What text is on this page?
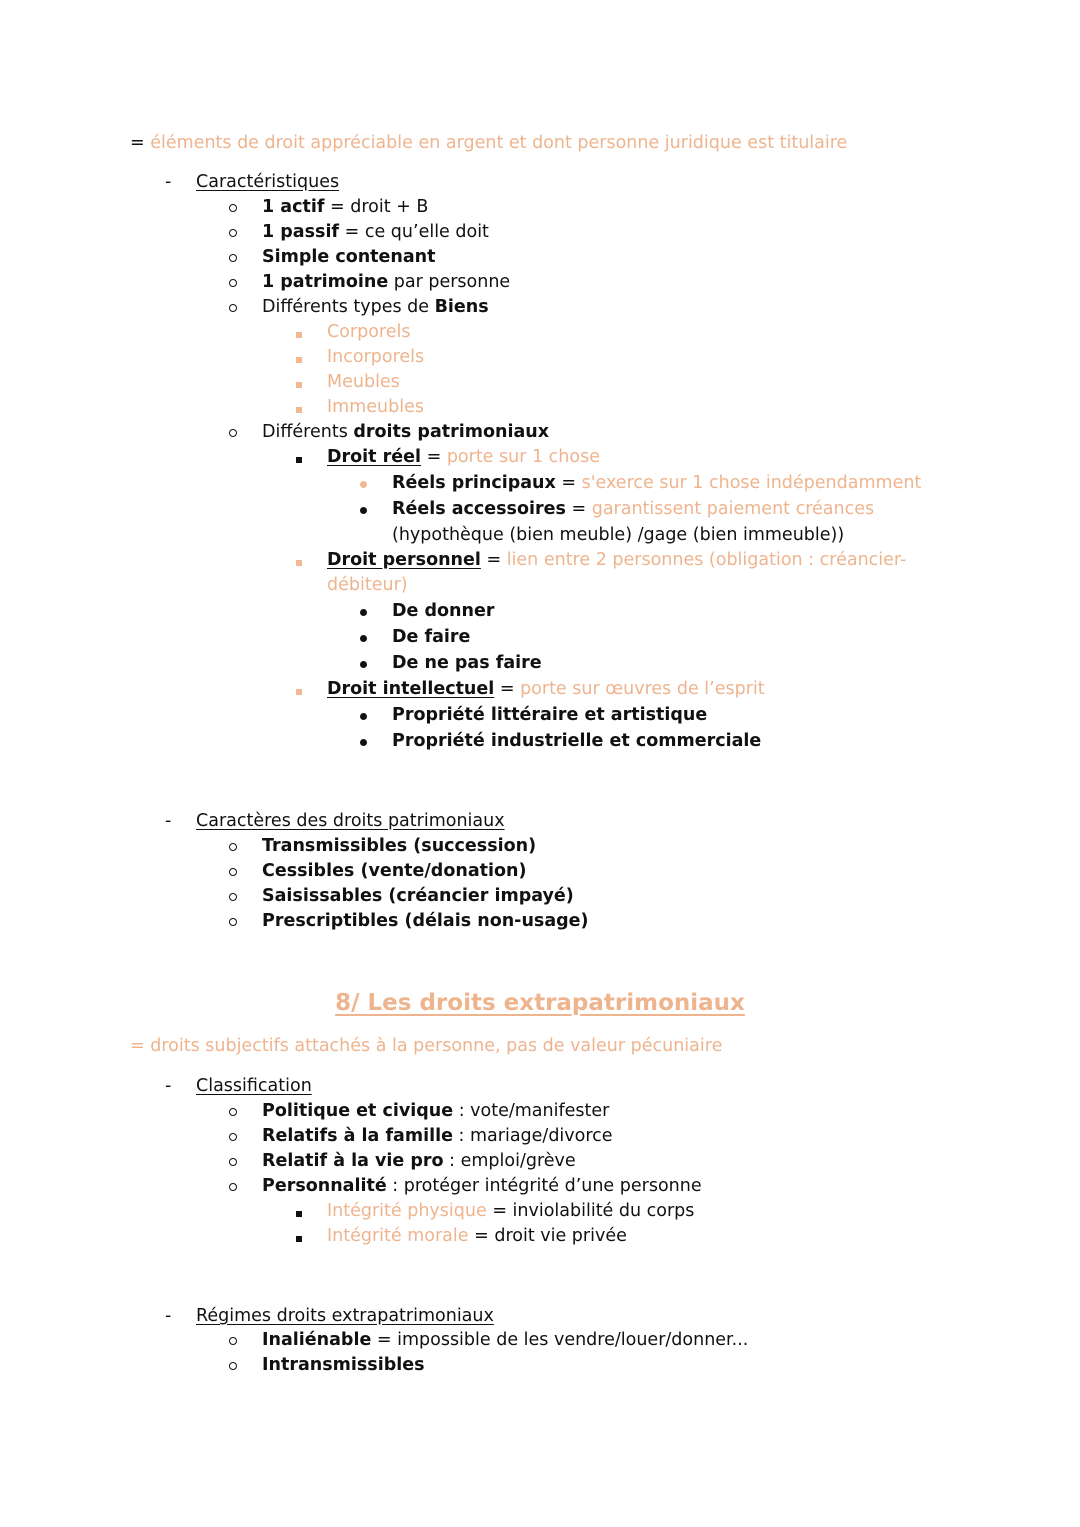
8/ Les droits extrapatrimoniaux
= éléments de droit appréciable en argent et dont personne juridique est titulaire
- Caractéristiques
1 actif = droit + B
1 passif = ce qu’elle doit
Simple contenant
1 patrimoine par personne
Différents types de Biens
Corporels
Incorporels
Meubles
Immeubles
Différents droits patrimoniaux
Droit réel = porte sur 1 chose
Réels principaux = s'exerce sur 1 chose indépendamment
Réels accessoires = garantissent paiement créances
(hypothèque (bien meuble) /gage (bien immeuble))
Droit personnel = lien entre 2 personnes (obligation : créancier-
débiteur)
De donner
De faire
De ne pas faire
Droit intellectuel = porte sur œuvres de l’esprit
Propriété littéraire et artistique
Propriété industrielle et commerciale
- Caractères des droits patrimoniaux
Transmissibles (succession)
Cessibles (vente/donation)
Saisissables (créancier impayé)
Prescriptibles (délais non-usage)
= droits subjectifs attachés à la personne, pas de valeur pécuniaire
- Classification
Politique et civique : vote/manifester
Relatifs à la famille : mariage/divorce
Relatif à la vie pro : emploi/grève
Personnalité : protéger intégrité d’une personne
Intégrité physique = inviolabilité du corps
Intégrité morale = droit vie privée
- Régimes droits extrapatrimoniaux
Inaliénable = impossible de les vendre/louer/donner...
Intransmissibles
